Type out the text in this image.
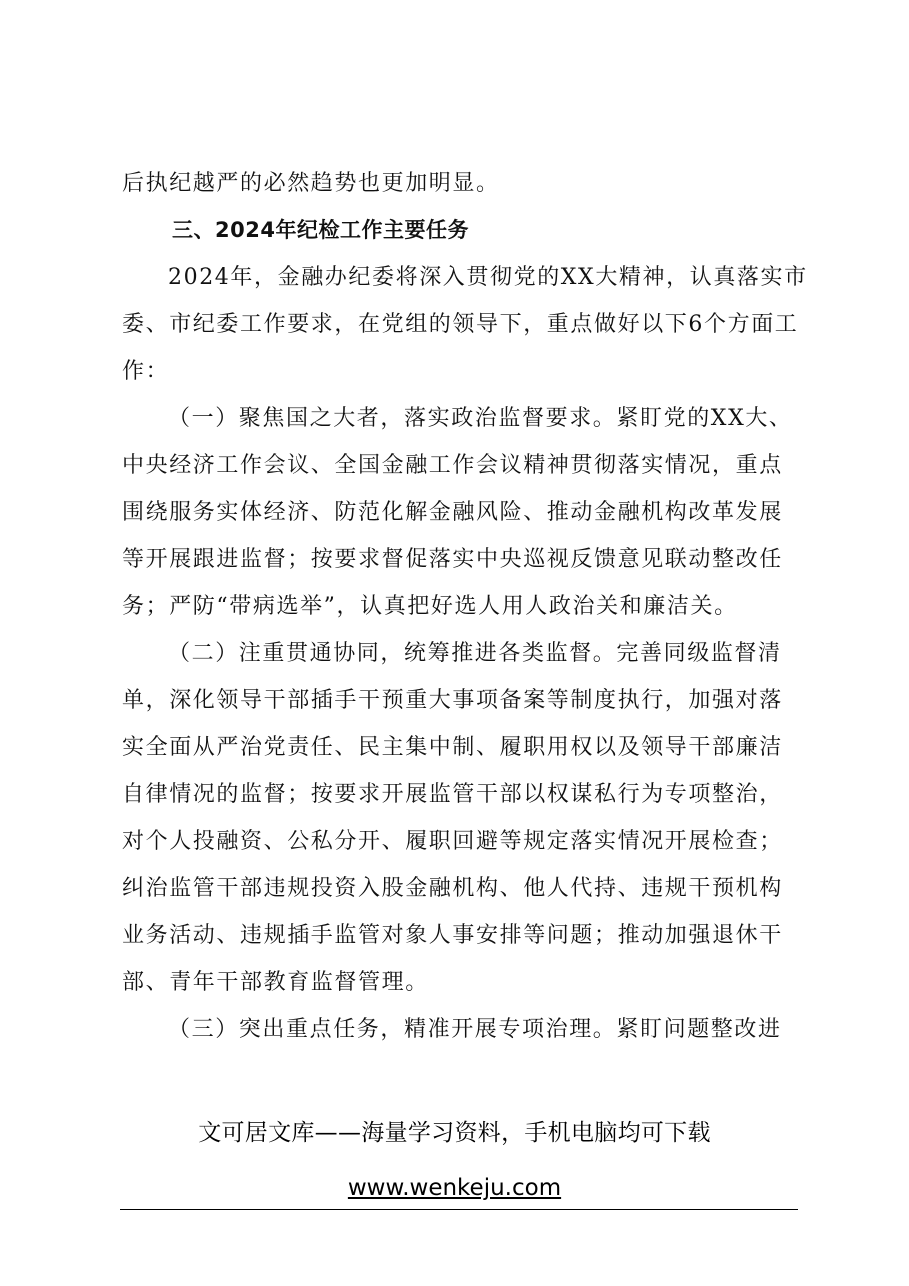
后执纪越严的必然趋势也更加明显。
三、2024年纪检工作主要任务
2024年，金融办纪委将深入贯彻党的XX大精神，认真落实市
委、市纪委工作要求，在党组的领导下，重点做好以下6个方面工
作：
（一）聚焦国之大者，落实政治监督要求。紧盯党的XX大、
中央经济工作会议、全国金融工作会议精神贯彻落实情况，重点
围绕服务实体经济、防范化解金融风险、推动金融机构改革发展
等开展跟进监督；按要求督促落实中央巡视反馈意见联动整改任
务；严防“带病选举”，认真把好选人用人政治关和廉洁关。
（二）注重贯通协同，统筹推进各类监督。完善同级监督清
单，深化领导干部插手干预重大事项备案等制度执行，加强对落
实全面从严治党责任、民主集中制、履职用权以及领导干部廉洁
自律情况的监督；按要求开展监管干部以权谋私行为专项整治，
对个人投融资、公私分开、履职回避等规定落实情况开展检查；
纠治监管干部违规投资入股金融机构、他人代持、违规干预机构
业务活动、违规插手监管对象人事安排等问题；推动加强退休干
部、青年干部教育监督管理。
（三）突出重点任务，精准开展专项治理。紧盯问题整改进
文可居文库——海量学习资料，手机电脑均可下载
www.wenkeju.com
